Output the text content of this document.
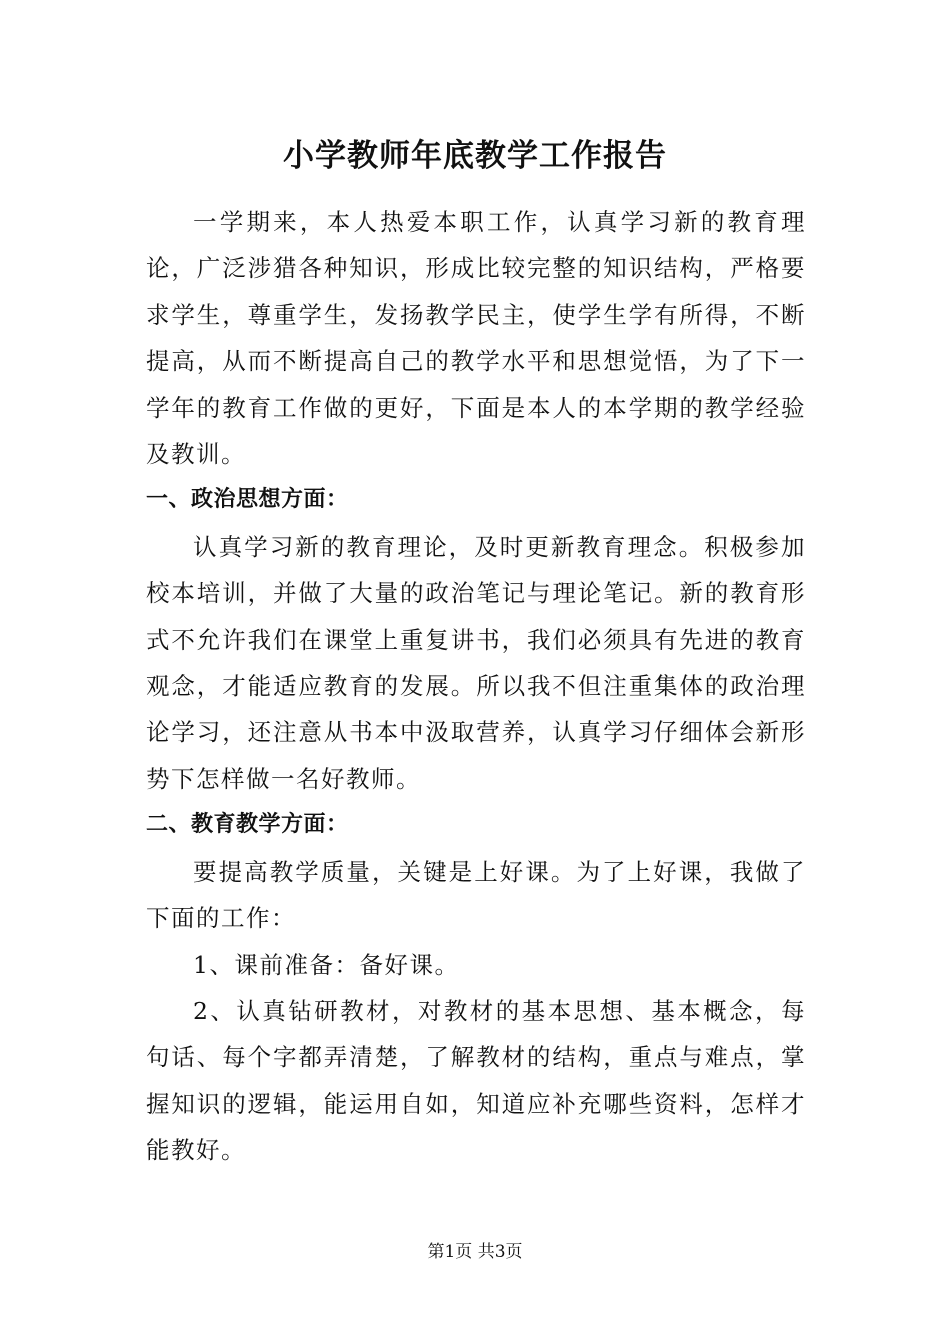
小学教师年底教学工作报告

一学期来，本人热爱本职工作，认真学习新的教育理论，广泛涉猎各种知识，形成比较完整的知识结构，严格要求学生，尊重学生，发扬教学民主，使学生学有所得，不断提高，从而不断提高自己的教学水平和思想觉悟，为了下一学年的教育工作做的更好，下面是本人的本学期的教学经验及教训。

一、政治思想方面：

认真学习新的教育理论，及时更新教育理念。积极参加校本培训，并做了大量的政治笔记与理论笔记。新的教育形式不允许我们在课堂上重复讲书，我们必须具有先进的教育观念，才能适应教育的发展。所以我不但注重集体的政治理论学习，还注意从书本中汲取营养，认真学习仔细体会新形势下怎样做一名好教师。

二、教育教学方面：

要提高教学质量，关键是上好课。为了上好课，我做了下面的工作：

1、课前准备：备好课。

2、认真钻研教材，对教材的基本思想、基本概念，每句话、每个字都弄清楚，了解教材的结构，重点与难点，掌握知识的逻辑，能运用自如，知道应补充哪些资料，怎样才能教好。

第1页 共3页
